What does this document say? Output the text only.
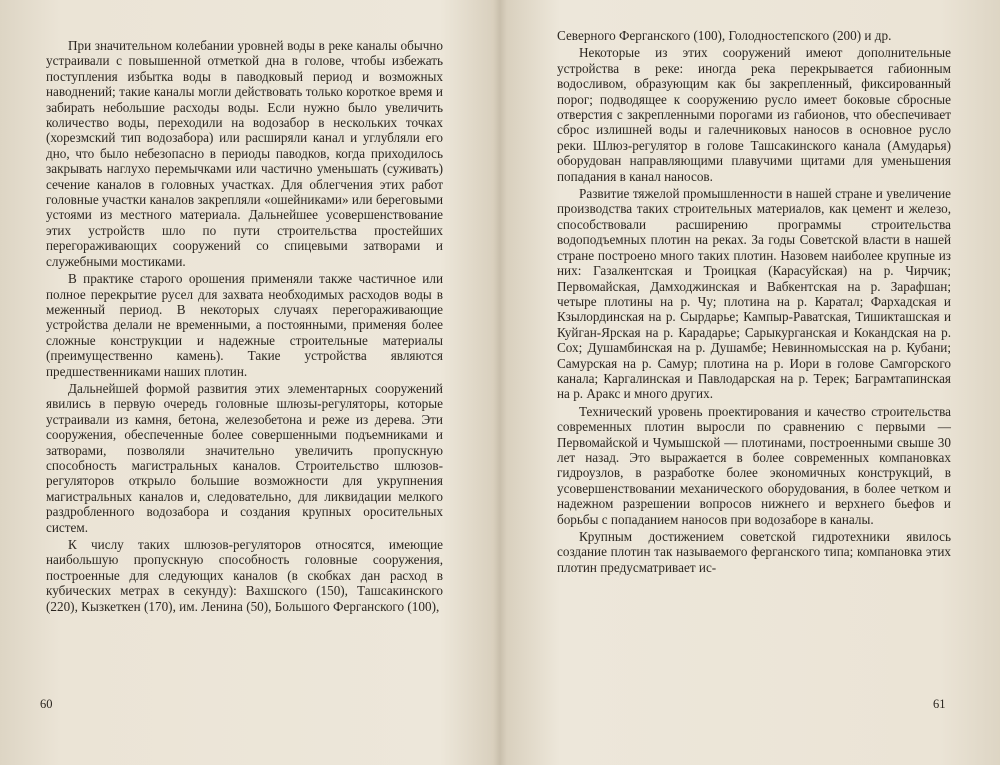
При значительном колебании уровней воды в реке каналы обычно устраивали с повышенной отметкой дна в голове, чтобы избежать поступления избытка воды в паводковый период и возможных наводнений; такие каналы могли действовать только короткое время и забирать небольшие расходы воды. Если нужно было увеличить количество воды, переходили на водозабор в нескольких точках (хорезмский тип водозабора) или расширяли канал и углубляли его дно, что было небезопасно в периоды паводков, когда приходилось закрывать наглухо перемычками или частично уменьшать (суживать) сечение каналов в головных участках. Для облегчения этих работ головные участки каналов закрепляли «ошейниками» или береговыми устоями из местного материала. Дальнейшее усовершенствование этих устройств шло по пути строительства простейших перегораживающих сооружений со спицевыми затворами и служебными мостиками.

В практике старого орошения применяли также частичное или полное перекрытие русел для захвата необходимых расходов воды в меженный период. В некоторых случаях перегораживающие устройства делали не временными, а постоянными, применяя более сложные конструкции и надежные строительные материалы (преимущественно камень). Такие устройства являются предшественниками наших плотин.

Дальнейшей формой развития этих элементарных сооружений явились в первую очередь головные шлюзы-регуляторы, которые устраивали из камня, бетона, железобетона и реже из дерева. Эти сооружения, обеспеченные более совершенными подъемниками и затворами, позволяли значительно увеличить пропускную способность магистральных каналов. Строительство шлюзов-регуляторов открыло большие возможности для укрупнения магистральных каналов и, следовательно, для ликвидации мелкого раздробленного водозабора и создания крупных оросительных систем.

К числу таких шлюзов-регуляторов относятся, имеющие наибольшую пропускную способность головные сооружения, построенные для следующих каналов (в скобках дан расход в кубических метрах в секунду): Вахшского (150), Ташсакинского (220), Кызкеткен (170), им. Ленина (50), Большого Ферганского (100),

60

Северного Ферганского (100), Голодностепского (200) и др.

Некоторые из этих сооружений имеют дополнительные устройства в реке: иногда река перекрывается габионным водосливом, образующим как бы закрепленный, фиксированный порог; подводящее к сооружению русло имеет боковые сбросные отверстия с закрепленными порогами из габионов, что обеспечивает сброс излишней воды и галечниковых наносов в основное русло реки. Шлюз-регулятор в голове Ташсакинского канала (Амударья) оборудован направляющими плавучими щитами для уменьшения попадания в канал наносов.

Развитие тяжелой промышленности в нашей стране и увеличение производства таких строительных материалов, как цемент и железо, способствовали расширению программы строительства водоподъемных плотин на реках. За годы Советской власти в нашей стране построено много таких плотин. Назовем наиболее крупные из них: Газалкентская и Троицкая (Карасуйская) на р. Чирчик; Первомайская, Дамходжинская и Вабкентская на р. Зарафшан; четыре плотины на р. Чу; плотина на р. Каратал; Фархадская и Кзылординская на р. Сырдарье; Кампыр-Раватская, Тишикташская и Куйган-Ярская на р. Карадарье; Сарыкурганская и Кокандская на р. Сох; Душамбинская на р. Душамбе; Невинномысская на р. Кубани; Самурская на р. Самур; плотина на р. Иори в голове Самгорского канала; Каргалинская и Павлодарская на р. Терек; Баграмтапинская на р. Аракс и много других.

Технический уровень проектирования и качество строительства современных плотин выросли по сравнению с первыми — Первомайской и Чумышской — плотинами, построенными свыше 30 лет назад. Это выражается в более современных компановках гидроузлов, в разработке более экономичных конструкций, в усовершенствовании механического оборудования, в более четком и надежном разрешении вопросов нижнего и верхнего бьефов и борьбы с попаданием наносов при водозаборе в каналы.

Крупным достижением советской гидротехники явилось создание плотин так называемого ферганского типа; компановка этих плотин предусматривает ис-

61
